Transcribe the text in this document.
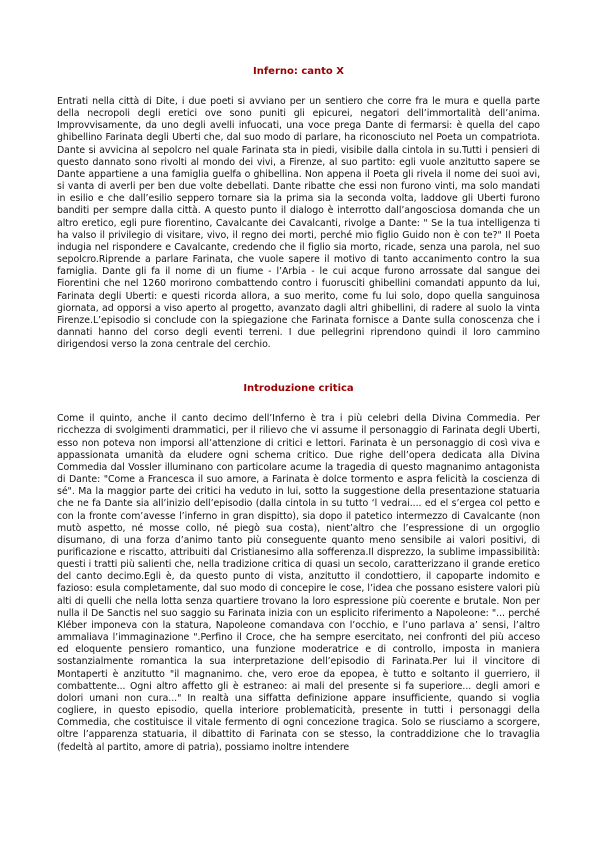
Inferno: canto X

Entrati nella città di Dite, i due poeti si avviano per un sentiero che corre fra le mura e quella parte della necropoli degli eretici ove sono puniti gli epicurei, negatori dell’immortalità dell’anima. Improvvisamente, da uno degli avelli infuocati, una voce prega Dante di fermarsi: è quella del capo ghibellino Farinata degli Uberti che, dal suo modo di parlare, ha riconosciuto nel Poeta un compatriota. Dante si avvicina al sepolcro nel quale Farinata sta in piedi, visibile dalla cintola in su.Tutti i pensieri di questo dannato sono rivolti al mondo dei vivi, a Firenze, al suo partito: egli vuole anzitutto sapere se Dante appartiene a una famiglia guelfa o ghibellina. Non appena il Poeta gli rivela il nome dei suoi avi, si vanta di averli per ben due volte debellati. Dante ribatte che essi non furono vinti, ma solo mandati in esilio e che dall’esilio seppero tornare sia la prima sia la seconda volta, laddove gli Uberti furono banditi per sempre dalla città. A questo punto il dialogo è interrotto dall’angosciosa domanda che un altro eretico, egli pure fiorentino, Cavalcante dei Cavalcanti, rivolge a Dante: " Se la tua intelligenza ti ha valso il privilegio di visitare, vivo, il regno dei morti, perché mio figlio Guido non è con te?" Il Poeta indugia nel rispondere e Cavalcante, credendo che il figlio sia morto, ricade, senza una parola, nel suo sepolcro.Riprende a parlare Farinata, che vuole sapere il motivo di tanto accanimento contro la sua famiglia. Dante gli fa il nome di un fiume - l’Arbia - le cui acque furono arrossate dal sangue dei Fiorentini che nel 1260 morirono combattendo contro i fuorusciti ghibellini comandati appunto da lui, Farinata degli Uberti: e questi ricorda allora, a suo merito, come fu lui solo, dopo quella sanguinosa giornata, ad opporsi a viso aperto al progetto, avanzato dagli altri ghibellini, di radere al suolo la vinta Firenze.L’episodio si conclude con la spiegazione che Farinata fornisce a Dante sulla conoscenza che i dannati hanno del corso degli eventi terreni. I due pellegrini riprendono quindi il loro cammino dirigendosi verso la zona centrale del cerchio.

Introduzione critica

Come il quinto, anche il canto decimo dell’Inferno è tra i più celebri della Divina Commedia. Per ricchezza di svolgimenti drammatici, per il rilievo che vi assume il personaggio di Farinata degli Uberti, esso non poteva non imporsi all’attenzione di critici e lettori. Farinata è un personaggio di così viva e appassionata umanità da eludere ogni schema critico. Due righe dell’opera dedicata alla Divina Commedia dal Vossler illuminano con particolare acume la tragedia di questo magnanimo antagonista di Dante: "Come a Francesca il suo amore, a Farinata è dolce tormento e aspra felicità la coscienza di sé". Ma la maggior parte dei critici ha veduto in lui, sotto la suggestione della presentazione statuaria che ne fa Dante sia all’inizio dell’episodio (dalla cintola in su tutto ‘l vedrai.... ed el s’ergea col petto e con la fronte com’avesse l’inferno in gran dispitto), sia dopo il patetico intermezzo di Cavalcante (non mutò aspetto, né mosse collo, né piegò sua costa), nient’altro che l’espressione di un orgoglio disumano, di una forza d’animo tanto più conseguente quanto meno sensibile ai valori positivi, di purificazione e riscatto, attribuiti dal Cristianesimo alla sofferenza.Il disprezzo, la sublime impassibilità: questi i tratti più salienti che, nella tradizione critica di quasi un secolo, caratterizzano il grande eretico del canto decimo.Egli è, da questo punto di vista, anzitutto il condottiero, il capoparte indomito e fazioso: esula completamente, dal suo modo di concepire le cose, l’idea che possano esistere valori più alti di quelli che nella lotta senza quartiere trovano la loro espressione più coerente e brutale. Non per nulla il De Sanctis nel suo saggio su Farinata inizia con un esplicito riferimento a Napoleone: "... perché Kléber imponeva con la statura, Napoleone comandava con l’occhio, e l’uno parlava a’ sensi, l’altro ammaliava l’immaginazione ".Perfino il Croce, che ha sempre esercitato, nei confronti del più acceso ed eloquente pensiero romantico, una funzione moderatrice e di controllo, imposta in maniera sostanzialmente romantica la sua interpretazione dell’episodio di Farinata.Per lui il vincitore di Montaperti è anzitutto "il magnanimo. che, vero eroe da epopea, è tutto e soltanto il guerriero, il combattente... Ogni altro affetto gli è estraneo: ai mali del presente si fa superiore... degli amori e dolori umani non cura..." In realtà una siffatta definizione appare insufficiente, quando si voglia cogliere, in questo episodio, quella interiore problematicità, presente in tutti i personaggi della Commedia, che costituisce il vitale fermento di ogni concezione tragica. Solo se riusciamo a scorgere, oltre l’apparenza statuaria, il dibattito di Farinata con se stesso, la contraddizione che lo travaglia (fedeltà al partito, amore di patria), possiamo inoltre intendere
